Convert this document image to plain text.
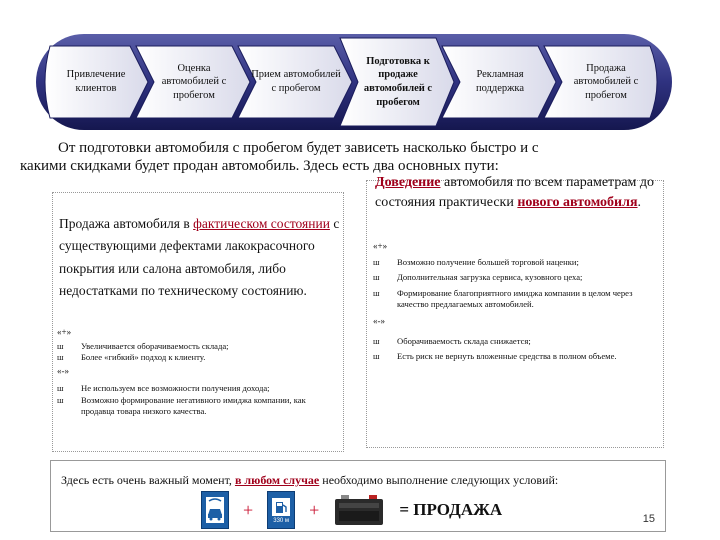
Привлечение клиентов
Оценка автомобилей с пробегом
Прием автомобилей с пробегом
Подготовка к продаже автомобилей с пробегом
Рекламная поддержка
Продажа автомобилей с пробегом
От подготовки автомобиля с пробегом будет зависеть насколько быстро и с
какими скидками будет продан автомобиль. Здесь есть два основных пути:
Продажа автомобиля в фактическом состоянии с существующими дефектами лакокрасочного покрытия или салона автомобиля, либо недостатками по техническому состоянию.
«+»
ш	Увеличивается оборачиваемость склада;
ш	Более «гибкий» подход к клиенту.
«-»
ш	Не используем все возможности получения дохода;
ш	Возможно формирование негативного имиджа компании, как продавца товара низкого качества.
Доведение автомобиля по всем параметрам до состояния практически нового автомобиля.
«+»
ш	Возможно получение большей торговой наценки;
ш	Дополнительная загрузка сервиса, кузовного цеха;
ш	Формирование благоприятного имиджа компании в целом через качество предлагаемых автомобилей.
«-»
ш	Оборачиваемость склада снижается;
ш	Есть риск не вернуть вложенные средства в полном объеме.
Здесь есть очень важный момент, в любом случае необходимо выполнение следующих условий:
+
330 м
+	= ПРОДАЖА	15
